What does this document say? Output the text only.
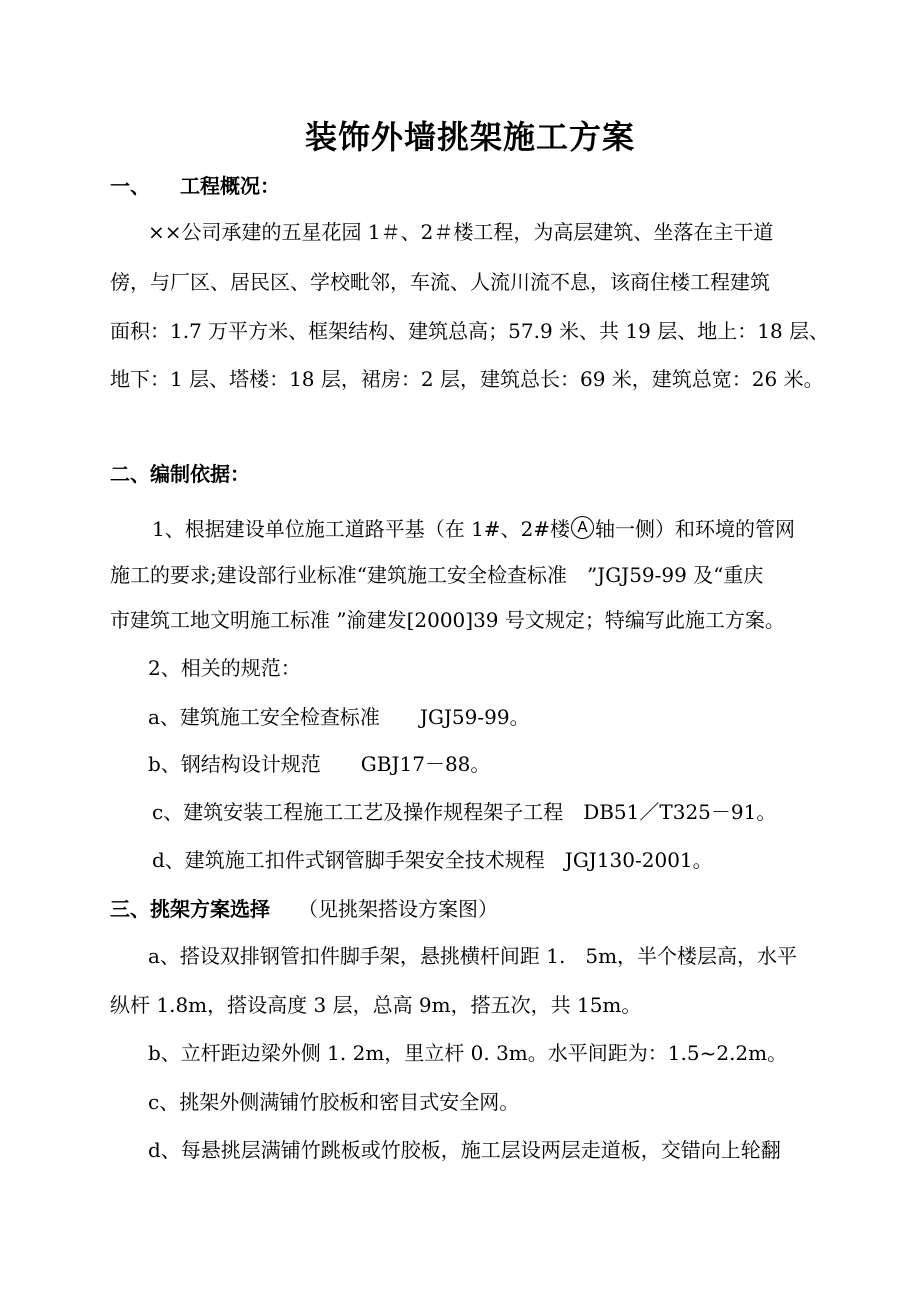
装饰外墙挑架施工方案
一、 工程概况：
××公司承建的五星花园 1＃、2＃楼工程，为高层建筑、坐落在主干道
傍，与厂区、居民区、学校毗邻，车流、人流川流不息，该商住楼工程建筑
面积：1.7 万平方米、框架结构、建筑总高；57.9 米、共 19 层、地上：18 层、
地下：1 层、塔楼：18 层，裙房：2 层，建筑总长：69 米，建筑总宽：26 米。
二、编制依据：
1、根据建设单位施工道路平基（在 1#、2#楼 A 轴一侧）和环境的管网
施工的要求;建设部行业标准“建筑施工安全检查标准　”JGJ59-99 及“重庆
市建筑工地文明施工标准 ”渝建发[2000]39 号文规定；特编写此施工方案。
2、相关的规范：
a、建筑施工安全检查标准　　JGJ59-99。
b、钢结构设计规范　　GBJ17－88。
c、建筑安装工程施工工艺及操作规程架子工程　DB51／T325－91。
d、建筑施工扣件式钢管脚手架安全技术规程　JGJ130-2001。
三、挑架方案选择 （见挑架搭设方案图）
a、搭设双排钢管扣件脚手架，悬挑横杆间距 1.　5m，半个楼层高，水平
纵杆 1.8m，搭设高度 3 层，总高 9m，搭五次，共 15m。
b、立杆距边梁外侧 1. 2m，里立杆 0. 3m。水平间距为：1.5~2.2m。
c、挑架外侧满铺竹胶板和密目式安全网。
d、每悬挑层满铺竹跳板或竹胶板，施工层设两层走道板，交错向上轮翻
